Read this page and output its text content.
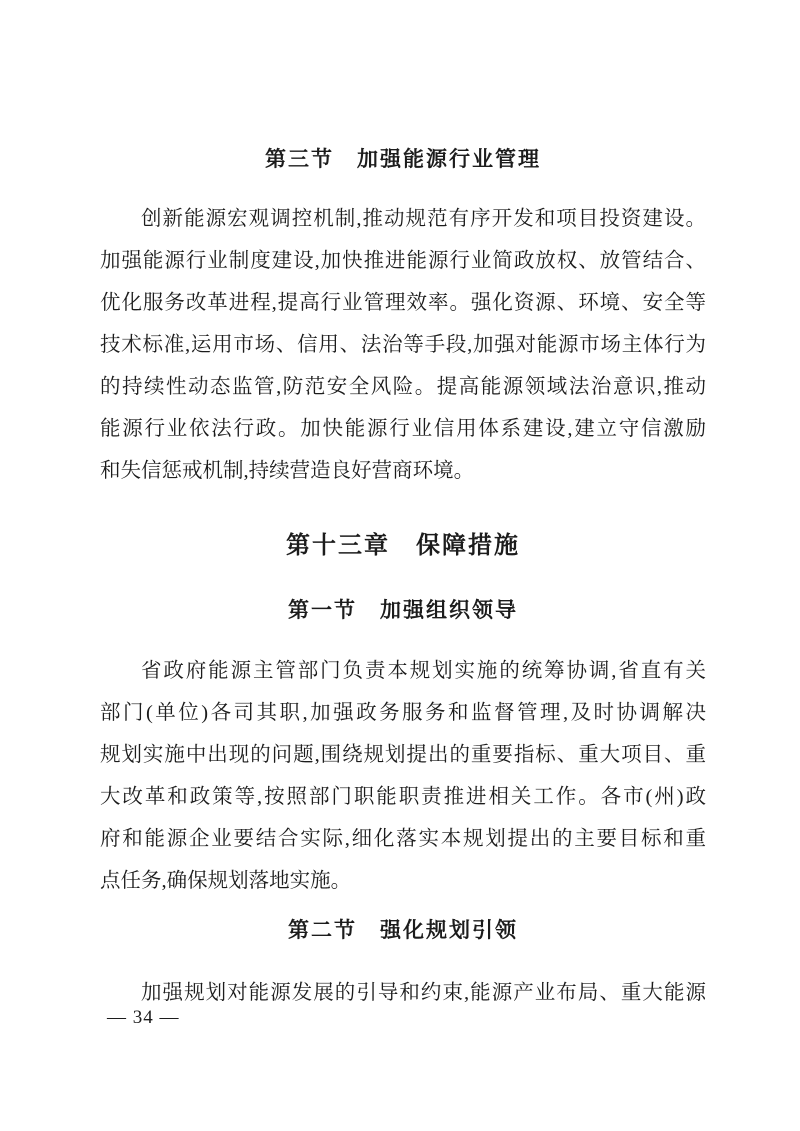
第三节　加强能源行业管理
创新能源宏观调控机制,推动规范有序开发和项目投资建设。
加强能源行业制度建设,加快推进能源行业简政放权、放管结合、
优化服务改革进程,提高行业管理效率。强化资源、环境、安全等
技术标准,运用市场、信用、法治等手段,加强对能源市场主体行为
的持续性动态监管,防范安全风险。提高能源领域法治意识,推动
能源行业依法行政。加快能源行业信用体系建设,建立守信激励
和失信惩戒机制,持续营造良好营商环境。
第十三章　保障措施
第一节　加强组织领导
省政府能源主管部门负责本规划实施的统筹协调,省直有关
部门(单位)各司其职,加强政务服务和监督管理,及时协调解决
规划实施中出现的问题,围绕规划提出的重要指标、重大项目、重
大改革和政策等,按照部门职能职责推进相关工作。各市(州)政
府和能源企业要结合实际,细化落实本规划提出的主要目标和重
点任务,确保规划落地实施。
第二节　强化规划引领
加强规划对能源发展的引导和约束,能源产业布局、重大能源
— 34 —
